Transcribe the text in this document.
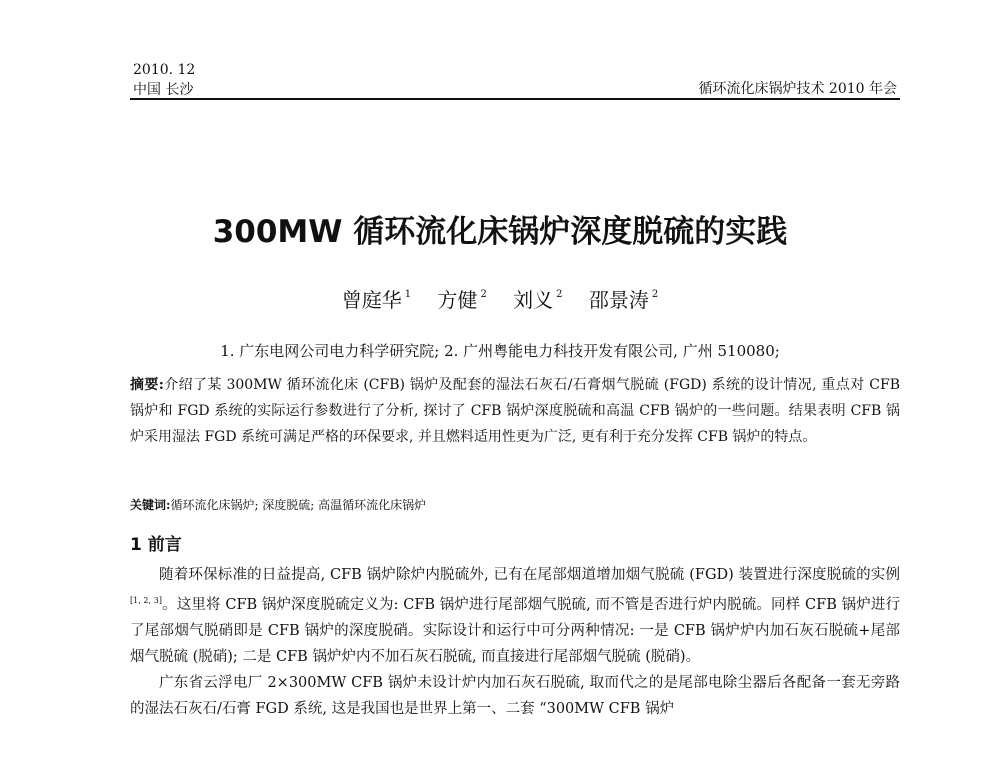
2010. 12
中国 长沙	循环流化床锅炉技术 2010 年会
300MW 循环流化床锅炉深度脱硫的实践
曾庭华 $^1$ 方健 $^2$ 刘义 $^2$ 邵景涛 $^2$
1. 广东电网公司电力科学研究院; 2. 广州粤能电力科技开发有限公司, 广州 510080;
摘要:介绍了某 300MW 循环流化床 (CFB) 锅炉及配套的湿法石灰石/石膏烟气脱硫 (FGD) 系统的设计情况, 重点对 CFB 锅炉和 FGD 系统的实际运行参数进行了分析, 探讨了 CFB 锅炉深度脱硫和高温 CFB 锅炉的一些问题。结果表明 CFB 锅炉采用湿法 FGD 系统可满足严格的环保要求, 并且燃料适用性更为广泛, 更有利于充分发挥 CFB 锅炉的特点。
关键词:循环流化床锅炉; 深度脱硫; 高温循环流化床锅炉
1 前言

随着环保标准的日益提高, CFB 锅炉除炉内脱硫外, 已有在尾部烟道增加烟气脱硫 (FGD) 装置进行深度脱硫的实例[1, 2, 3]。这里将 CFB 锅炉深度脱硫定义为: CFB 锅炉进行尾部烟气脱硫, 而不管是否进行炉内脱硫。同样 CFB 锅炉进行了尾部烟气脱硝即是 CFB 锅炉的深度脱硝。实际设计和运行中可分两种情况: 一是 CFB 锅炉炉内加石灰石脱硫+尾部烟气脱硫 (脱硝); 二是 CFB 锅炉炉内不加石灰石脱硫, 而直接进行尾部烟气脱硫 (脱硝)。

广东省云浮电厂 2×300MW CFB 锅炉未设计炉内加石灰石脱硫, 取而代之的是尾部电除尘器后各配备一套无旁路的湿法石灰石/石膏 FGD 系统, 这是我国也是世界上第一、二套 “300MW CFB 锅炉
